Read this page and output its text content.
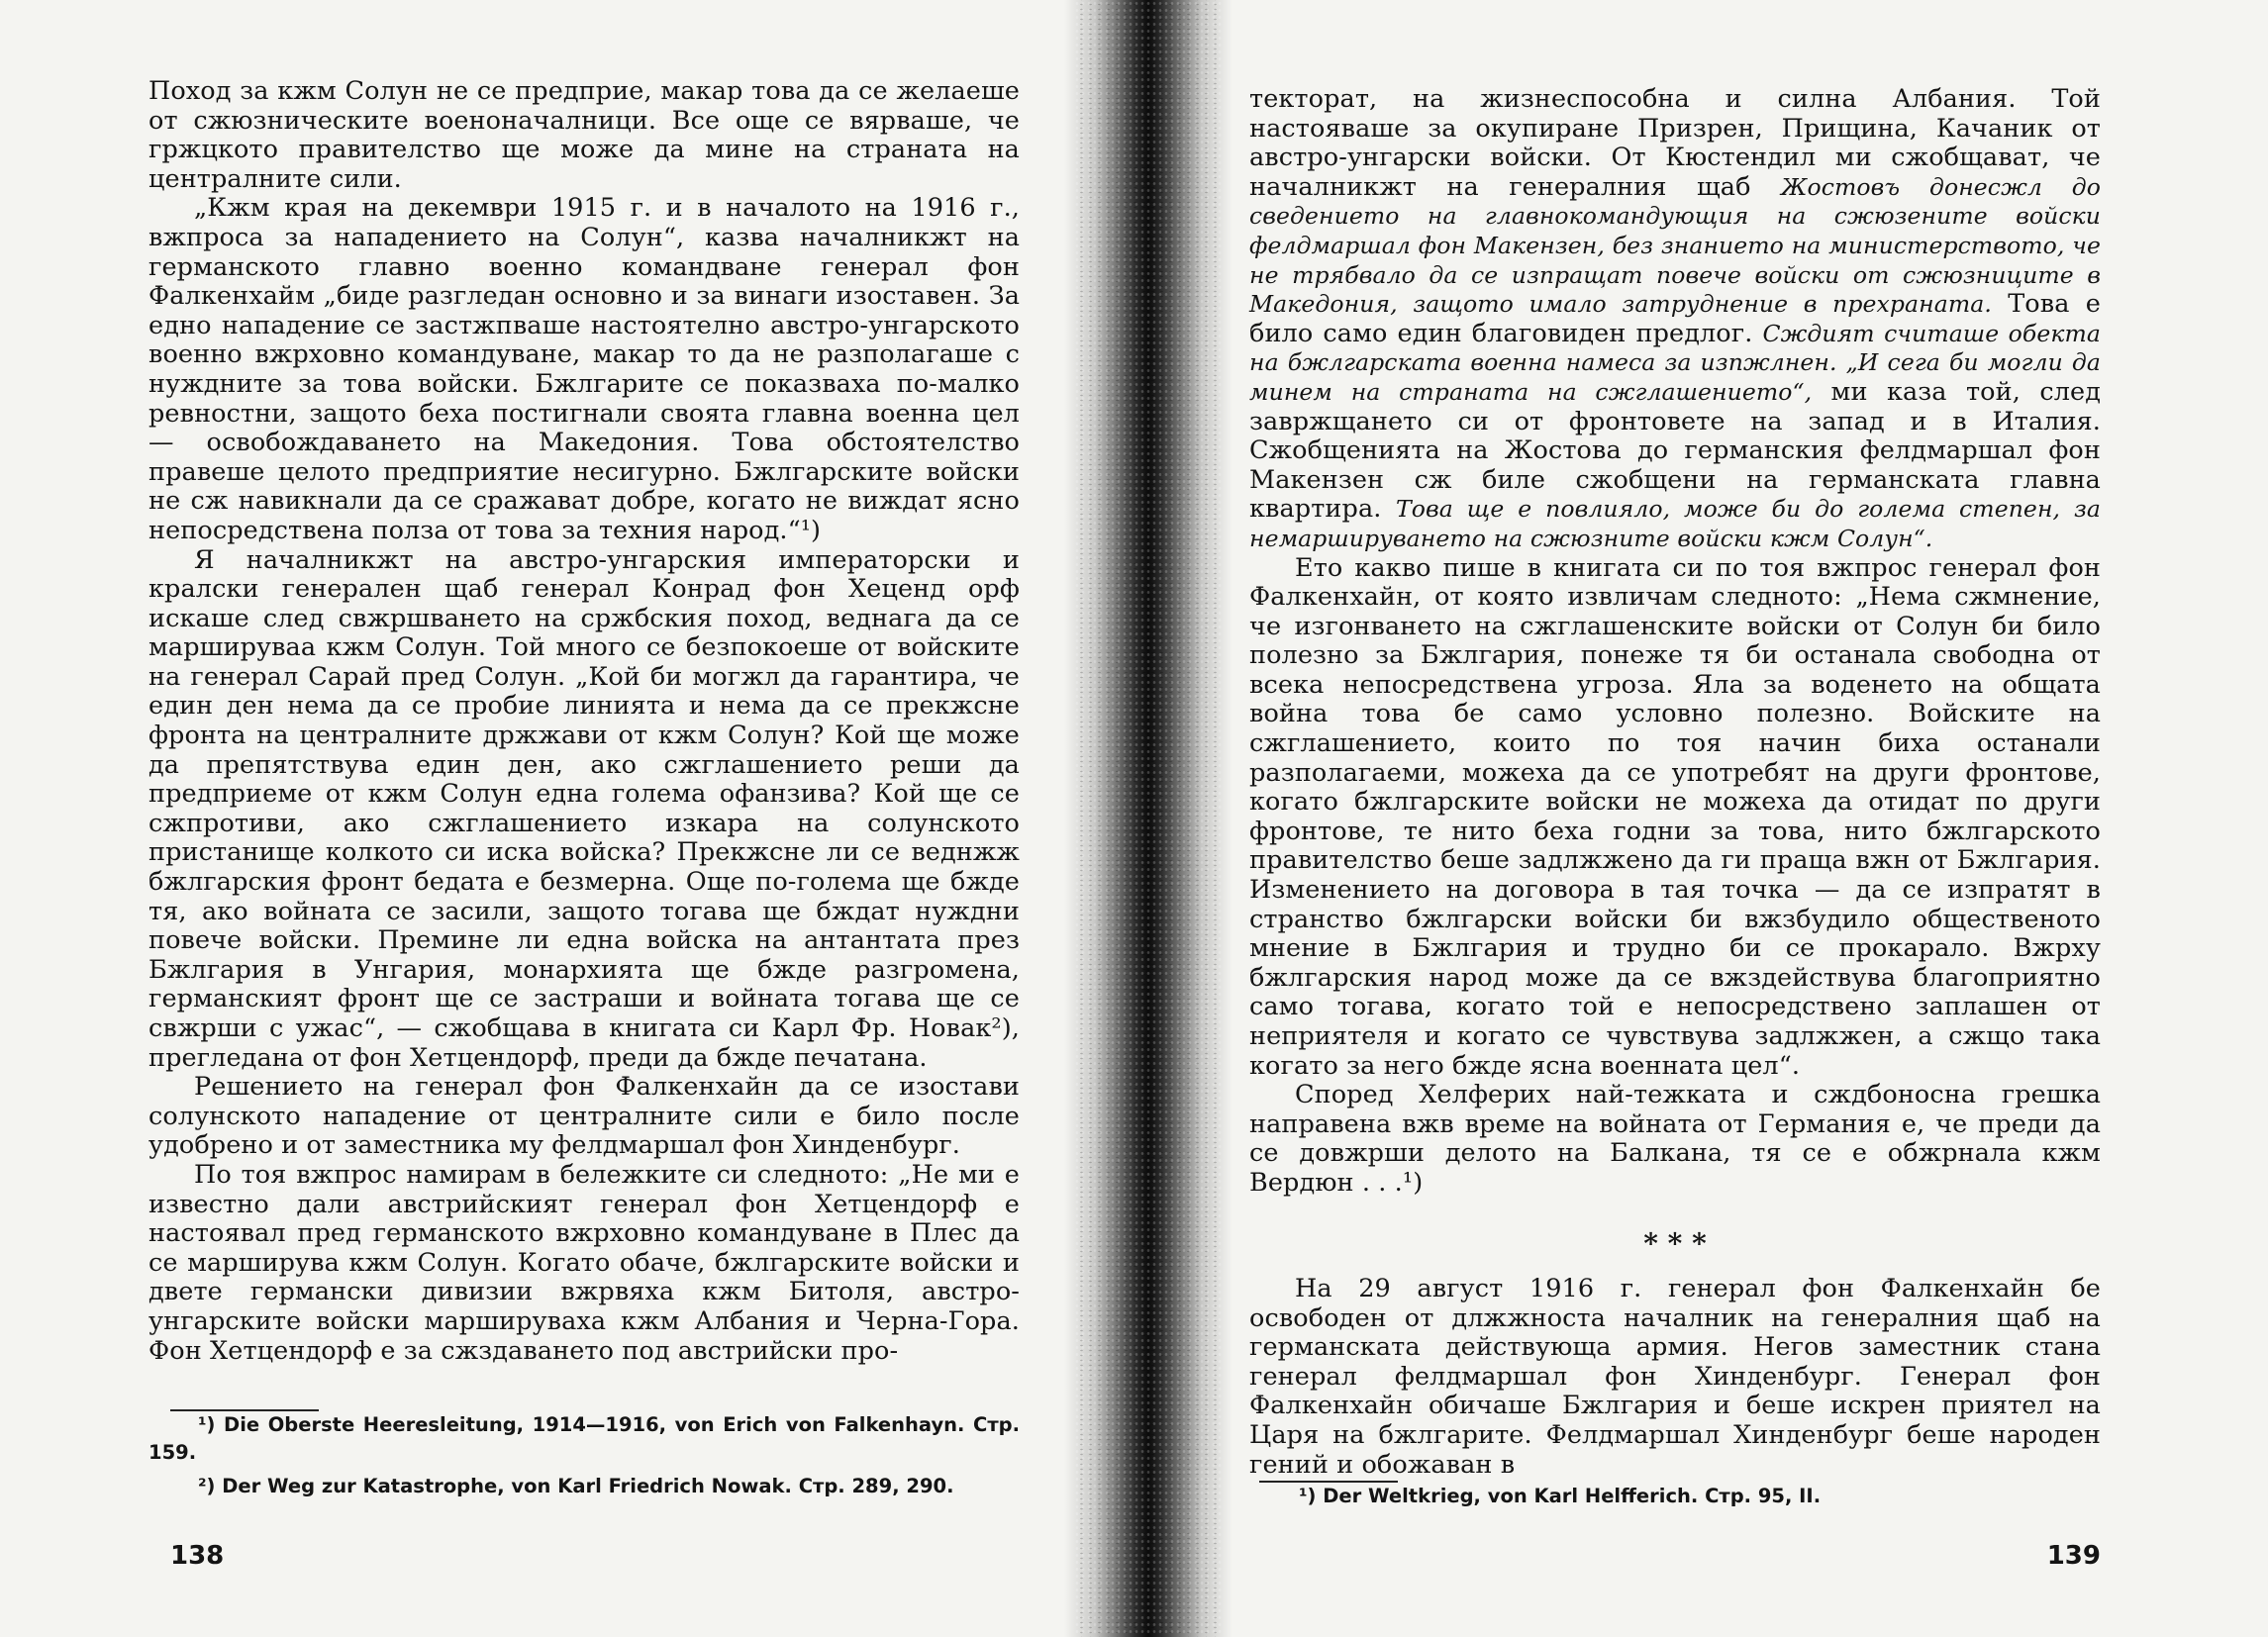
Поход за кжм Солун не се предприе, макар това да се желаеше от сжюзническите военоначалници. Все още се вярваше, че гржцкото правителство ще може да мине на страната на централните сили.

„Кжм края на декември 1915 г. и в началото на 1916 г., вжпроса за нападението на Солун“, казва началникжт на германското главно военно командване генерал фон Фалкенхайм „биде разгледан основно и за винаги изоставен. За едно нападение се застжпваше настоятелно австро-унгарското военно вжрховно командуване, макар то да не разполагаше с нуждните за това войски. Бжлгарите се показваха по-малко ревностни, защото беха постигнали своята главна военна цел — освобождаването на Македония. Това обстоятелство правеше целото предприятие несигурно. Бжлгарските войски не сж навикнали да се сражават добре, когато не виждат ясно непосредствена полза от това за техния народ.“¹)

Я началникжт на австро-унгарския императорски и кралски генерален щаб генерал Конрад фон Хеценд орф искаше след свжршването на сржбския поход, веднага да се маршируваа кжм Солун. Той много се безпокоеше от войските на генерал Сарай пред Солун. „Кой би могжл да гарантира, че един ден нема да се пробие линията и нема да се прекжсне фронта на централните држжави от кжм Солун? Кой ще може да препятствува един ден, ако сжглашението реши да предприеме от кжм Солун една голема офанзива? Кой ще се сжпротиви, ако сжглашението изкара на солунското пристанище колкото си иска войска? Прекжсне ли се веднжж бжлгарския фронт бедата е безмерна. Още по-голема ще бжде тя, ако войната се засили, защото тогава ще бждат нуждни повече войски. Премине ли една войска на антантата през Бжлгария в Унгария, монархията ще бжде разгромена, германският фронт ще се застраши и войната тогава ще се свжрши с ужас“, — сжобщава в книгата си Карл Фр. Новак²), прегледана от фон Хетцендорф, преди да бжде печатана.

Решението на генерал фон Фалкенхайн да се изостави солунското нападение от централните сили е било после удобрено и от заместника му фелдмаршал фон Хинденбург.

По тоя вжпрос намирам в бележките си следното: „Не ми е известно дали австрийският генерал фон Хетцендорф е настоявал пред германското вжрховно командуване в Плес да се марширува кжм Солун. Когато обаче, бжлгарските войски и двете германски дивизии вжрвяха кжм Битоля, австро-унгарските войски маршируваха кжм Албания и Черна-Гора. Фон Хетцендорф е за сжздаването под австрийски про-

¹) Die Oberste Heeresleitung, 1914—1916, von Erich von Falkenhayn. Стр. 159.

²) Der Weg zur Katastrophe, von Karl Friedrich Nowak. Стр. 289, 290.

138

текторат, на жизнеспособна и силна Албания. Той настояваше за окупиране Призрен, Прищина, Качаник от австро-унгарски войски. От Кюстендил ми сжобщават, че началникжт на генералния щаб Жостовъ донесжл до сведението на главнокомандующия на сжюзените войски фелдмаршал фон Макензен, без знанието на министерството, че не трябвало да се изпращат повече войски от сжюзниците в Македония, защото имало затруднение в прехраната. Това е било само един благовиден предлог. Сждият считаше обекта на бжлгарската военна намеса за изпжлнен. „И сега би могли да минем на страната на сжглашението“, ми каза той, след завржщането си от фронтовете на запад и в Италия. Сжобщенията на Жостова до германския фелдмаршал фон Макензен сж биле сжобщени на германската главна квартира. Това ще е повлияло, може би до голема степен, за немаршируването на сжюзните войски кжм Солун“.

Ето какво пише в книгата си по тоя вжпрос генерал фон Фалкенхайн, от която извличам следното: „Нема сжмнение, че изгонването на сжглашенските войски от Солун би било полезно за Бжлгария, понеже тя би останала свободна от всека непосредствена угроза. Яла за воденето на общата война това бе само условно полезно. Войските на сжглашението, които по тоя начин биха останали разполагаеми, можеха да се употребят на други фронтове, когато бжлгарските войски не можеха да отидат по други фронтове, те нито беха годни за това, нито бжлгарското правителство беше задлжжено да ги праща вжн от Бжлгария. Изменението на договора в тая точка — да се изпратят в странство бжлгарски войски би вжзбудило общественото мнение в Бжлгария и трудно би се прокарало. Вжрху бжлгарския народ може да се вжздействува благоприятно само тогава, когато той е непосредствено заплашен от неприятеля и когато се чувствува задлжжен, а сжщо така когато за него бжде ясна военната цел“.

Според Хелферих най-тежката и сждбоносна грешка направена вжв време на войната от Германия е, че преди да се довжрши делото на Балкана, тя се е обжрнала кжм Вердюн . . .¹)

* * *

На 29 август 1916 г. генерал фон Фалкенхайн бе освободен от длжжноста началник на генералния щаб на германската действующа армия. Негов заместник стана генерал фелдмаршал фон Хинденбург. Генерал фон Фалкенхайн обичаше Бжлгария и беше искрен приятел на Царя на бжлгарите. Фелдмаршал Хинденбург беше народен гений и обожаван в

¹) Der Weltkrieg, von Karl Helfferich. Стр. 95, II.

139
